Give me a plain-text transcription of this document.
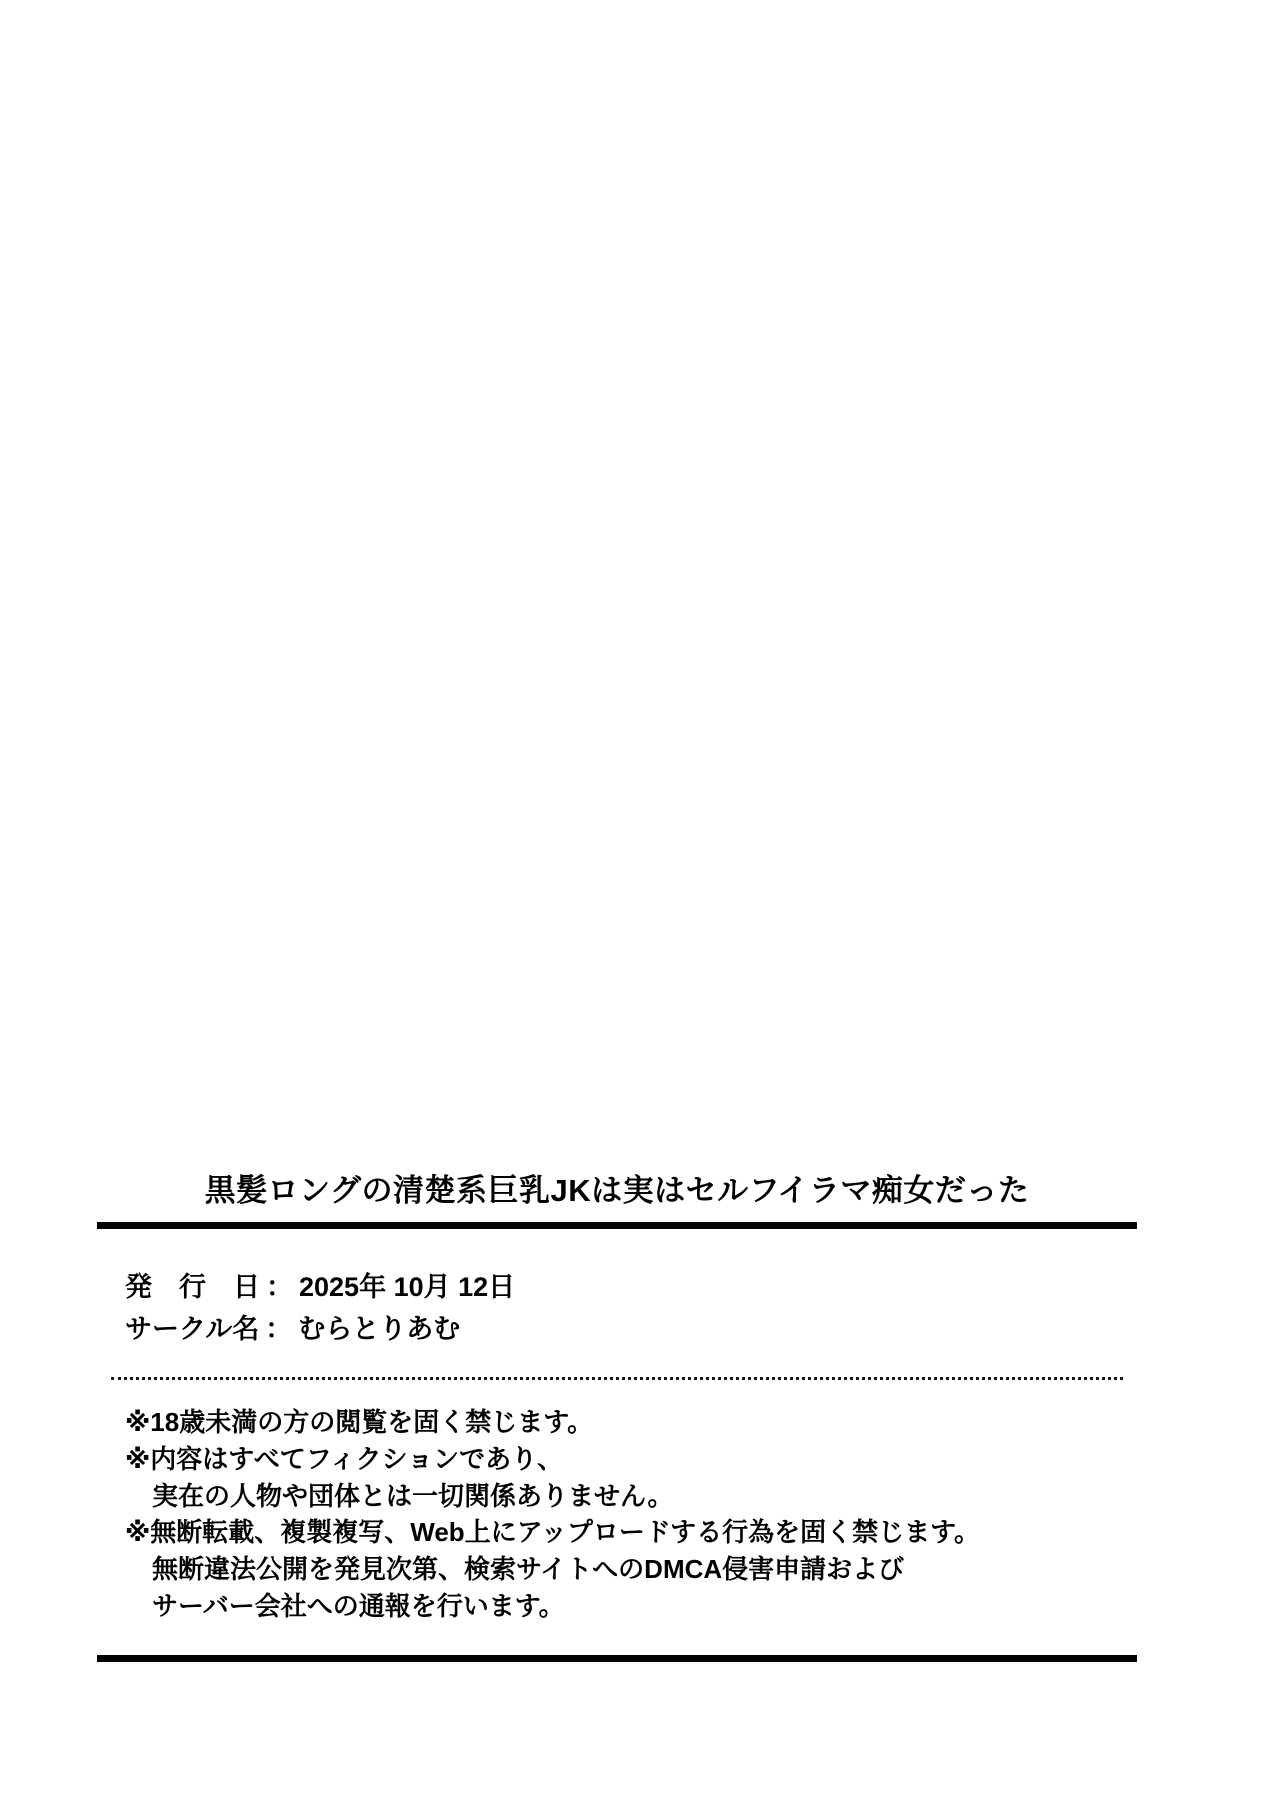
黒髪ロングの清楚系巨乳JKは実はセルフイラマ痴女だった
発　行　日 ： 2025年 10月 12日
サークル名 ： むらとりあむ
※18歳未満の方の閲覧を固く禁じます。
※内容はすべてフィクションであり、
実在の人物や団体とは一切関係ありません。
※無断転載、複製複写、Web上にアップロードする行為を固く禁じます。
無断違法公開を発見次第、検索サイトへのDMCA侵害申請および
サーバー会社への通報を行います。
